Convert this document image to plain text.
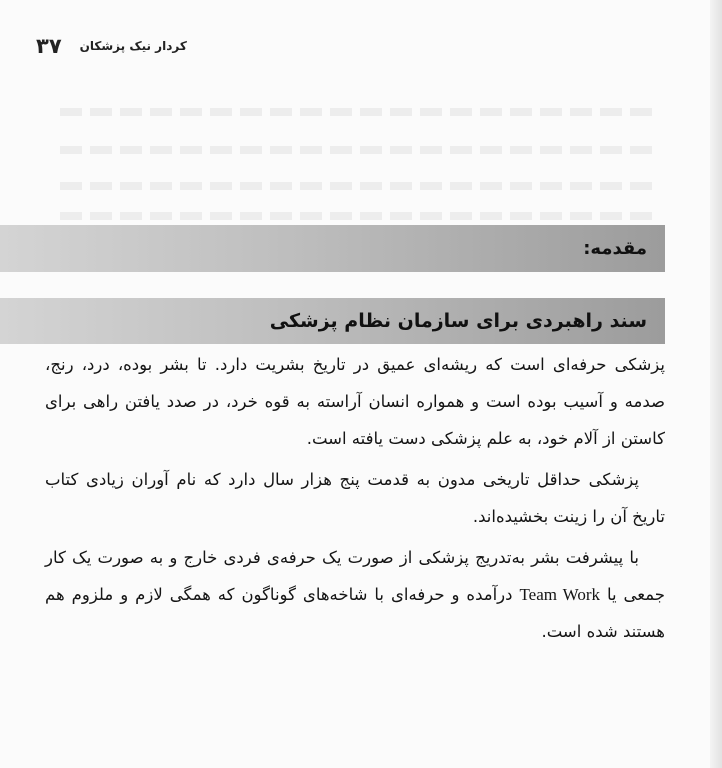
کردار نیک پزشکان
۳۷
مقدمه:
سند راهبردی برای سازمان نظام پزشکی

پزشکی حرفه‌ای است که ریشه‌ای عمیق در تاریخ بشریت دارد. تا بشر بوده، درد، رنج، صدمه و آسیب بوده است و همواره انسان آراسته به قوه خرد، در صدد یافتن راهی برای کاستن از آلام خود، به علم پزشکی دست یافته است.

پزشکی حداقل تاریخی مدون به قدمت پنج هزار سال دارد که نام آوران زیادی کتاب تاریخ آن را زینت بخشیده‌اند.

با پیشرفت بشر به‌تدریج پزشکی از صورت یک حرفه‌ی فردی خارج و به صورت یک کار جمعی یا Team Work درآمده و حرفه‌ای با شاخه‌های گوناگون که همگی لازم و ملزوم هم هستند شده است.
